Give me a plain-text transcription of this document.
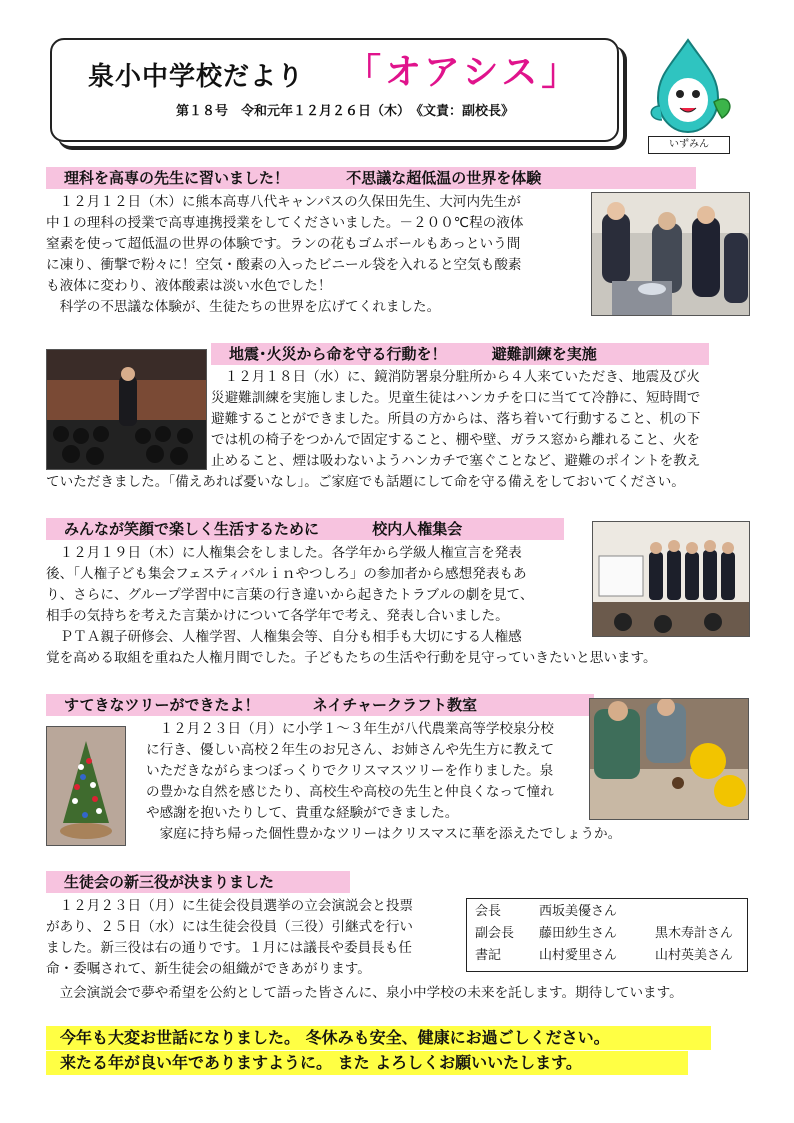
泉小中学校だより 「オアシス」
第１８号　令和元年１２月２６日（木）　《文責：副校長》
いずみん
理科を高専の先生に習いました！	不思議な超低温の世界を体験
　１２月１２日（木）に熊本高専八代キャンパスの久保田先生、大河内先生が
中１の理科の授業で高専連携授業をしてくださいました。－２００℃程の液体
窒素を使って超低温の世界の体験です。ランの花もゴムボールもあっという間
に凍り、衝撃で粉々に！空気・酸素の入ったビニール袋を入れると空気も酸素
も液体に変わり、液体酸素は淡い水色でした！
　科学の不思議な体験が、生徒たちの世界を広げてくれました。
地震･火災から命を守る行動を！	避難訓練を実施
　１２月１８日（水）に、鏡消防署泉分駐所から４人来ていただき、地震及び火
災避難訓練を実施しました。児童生徒はハンカチを口に当てて冷静に、短時間で
避難することができました。所員の方からは、落ち着いて行動すること、机の下
では机の椅子をつかんで固定すること、棚や壁、ガラス窓から離れること、火を
止めること、煙は吸わないようハンカチで塞ぐことなど、避難のポイントを教え
ていただきました。「備えあれば憂いなし」。ご家庭でも話題にして命を守る備えをしておいてください。
みんなが笑顔で楽しく生活するために	校内人権集会
　１２月１９日（木）に人権集会をしました。各学年から学級人権宣言を発表
後、「人権子ども集会フェスティバルｉｎやつしろ」の参加者から感想発表もあ
り、さらに、グループ学習中に言葉の行き違いから起きたトラブルの劇を見て、
相手の気持ちを考えた言葉かけについて各学年で考え、発表し合いました。
　ＰＴＡ親子研修会、人権学習、人権集会等、自分も相手も大切にする人権感
覚を高める取組を重ねた人権月間でした。子どもたちの生活や行動を見守っていきたいと思います。
すてきなツリーができたよ！	ネイチャークラフト教室
　１２月２３日（月）に小学１～３年生が八代農業高等学校泉分校
に行き、優しい高校２年生のお兄さん、お姉さんや先生方に教えて
いただきながらまつぼっくりでクリスマスツリーを作りました。泉
の豊かな自然を感じたり、高校生や高校の先生と仲良くなって憧れ
や感謝を抱いたりして、貴重な経験ができました。
　家庭に持ち帰った個性豊かなツリーはクリスマスに華を添えたでしょうか。
生徒会の新三役が決まりました
　１２月２３日（月）に生徒会役員選挙の立会演説会と投票
があり、２５日（水）には生徒会役員（三役）引継式を行い
ました。新三役は右の通りです。１月には議長や委員長も任
命・委嘱されて、新生徒会の組織ができあがります。
　立会演説会で夢や希望を公約として語った皆さんに、泉小中学校の未来を託します。期待しています。
会長	西坂美優さん
副会長 藤田紗生さん	黒木寿計さん
書記	山村愛里さん	山村英美さん
今年も大変お世話になりました。 冬休みも安全、健康にお過ごしください。
来たる年が良い年でありますように。 また よろしくお願いいたします。
